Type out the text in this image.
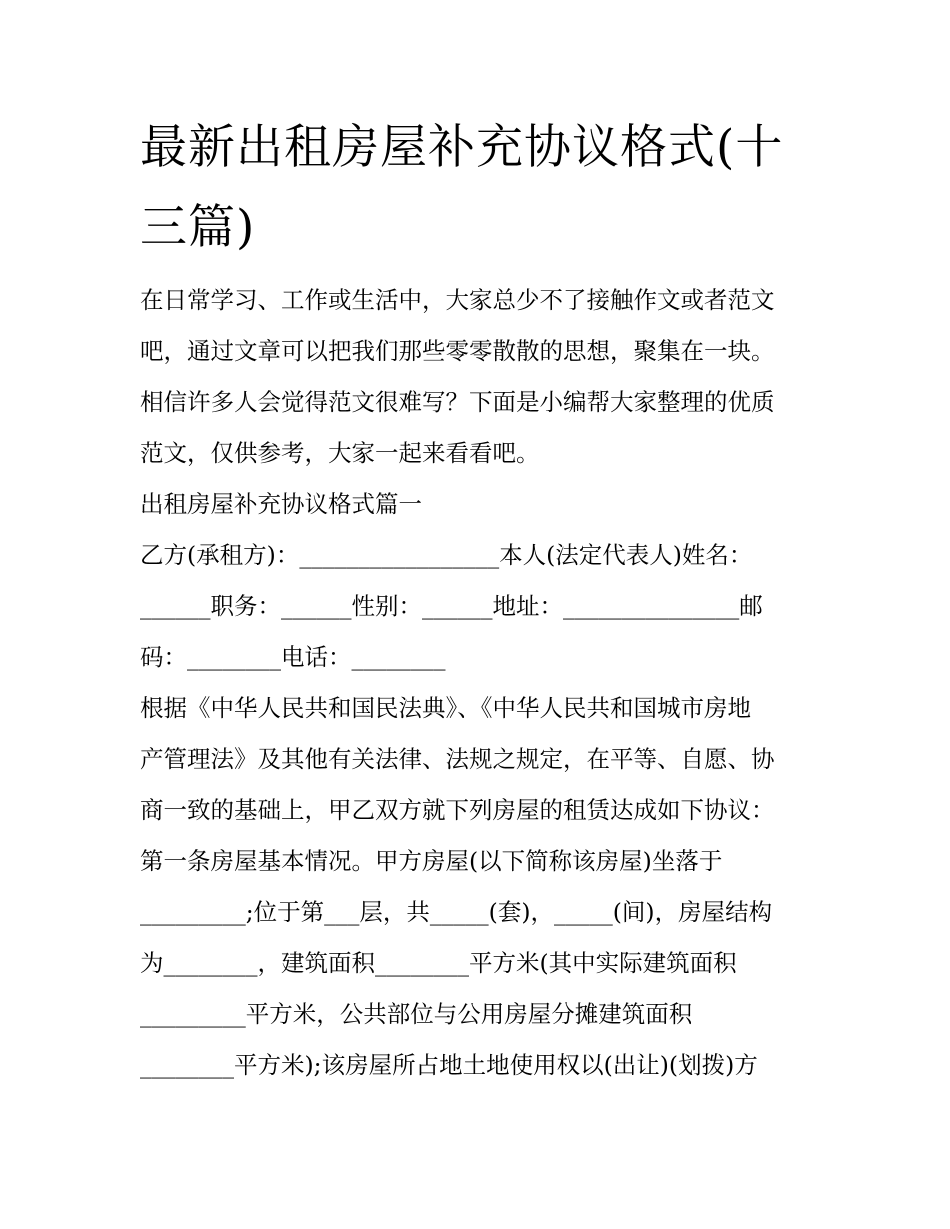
最新出租房屋补充协议格式(十三篇)
在日常学习、工作或生活中，大家总少不了接触作文或者范文
吧，通过文章可以把我们那些零零散散的思想，聚集在一块。
相信许多人会觉得范文很难写？下面是小编帮大家整理的优质
范文，仅供参考，大家一起来看看吧。
出租房屋补充协议格式篇一
乙方(承租方)：_________________本人(法定代表人)姓名：
______职务：______性别：______地址：_______________邮
码：________电话：________
根据《中华人民共和国民法典》、《中华人民共和国城市房地
产管理法》及其他有关法律、法规之规定，在平等、自愿、协
商一致的基础上，甲乙双方就下列房屋的租赁达成如下协议：
第一条房屋基本情况。甲方房屋(以下简称该房屋)坐落于
_________;位于第___层，共_____(套)，_____(间)，房屋结构
为________，建筑面积________平方米(其中实际建筑面积
_________平方米，公共部位与公用房屋分摊建筑面积
________平方米);该房屋所占地土地使用权以(出让)(划拨)方
